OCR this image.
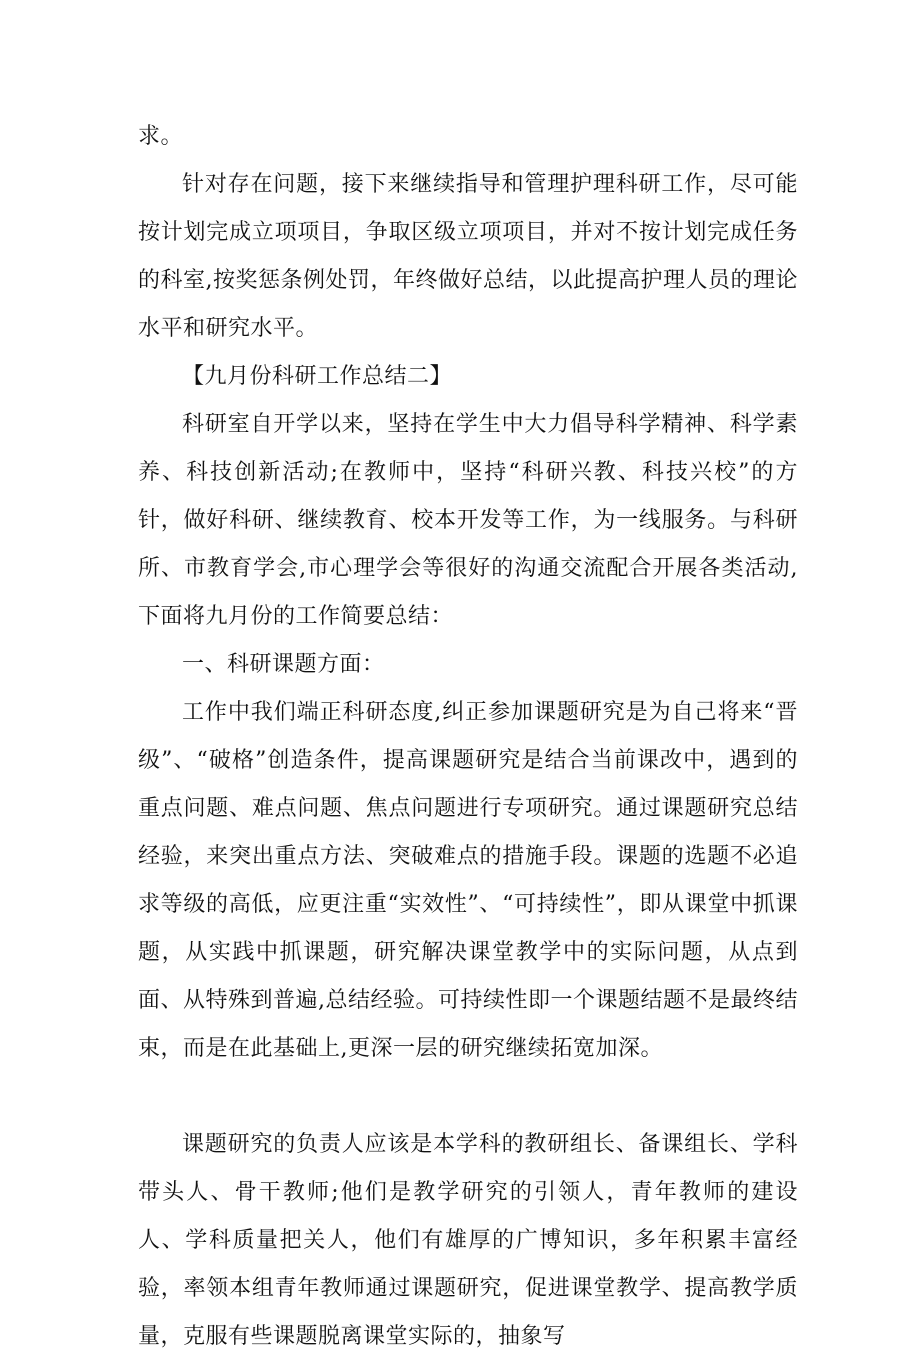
求。

针对存在问题，接下来继续指导和管理护理科研工作，尽可能按计划完成立项项目，争取区级立项项目，并对不按计划完成任务的科室,按奖惩条例处罚，年终做好总结，以此提高护理人员的理论水平和研究水平。

【九月份科研工作总结二】

科研室自开学以来，坚持在学生中大力倡导科学精神、科学素养、科技创新活动;在教师中，坚持“科研兴教、科技兴校”的方针，做好科研、继续教育、校本开发等工作，为一线服务。与科研所、市教育学会,市心理学会等很好的沟通交流配合开展各类活动,下面将九月份的工作简要总结：

一、科研课题方面：

工作中我们端正科研态度,纠正参加课题研究是为自己将来“晋级”、“破格”创造条件，提高课题研究是结合当前课改中，遇到的重点问题、难点问题、焦点问题进行专项研究。通过课题研究总结经验，来突出重点方法、突破难点的措施手段。课题的选题不必追求等级的高低，应更注重“实效性”、“可持续性”，即从课堂中抓课题，从实践中抓课题，研究解决课堂教学中的实际问题，从点到面、从特殊到普遍,总结经验。可持续性即一个课题结题不是最终结束，而是在此基础上,更深一层的研究继续拓宽加深。

课题研究的负责人应该是本学科的教研组长、备课组长、学科带头人、骨干教师;他们是教学研究的引领人，青年教师的建设人、学科质量把关人，他们有雄厚的广博知识，多年积累丰富经验，率领本组青年教师通过课题研究，促进课堂教学、提高教学质量，克服有些课题脱离课堂实际的，抽象写
